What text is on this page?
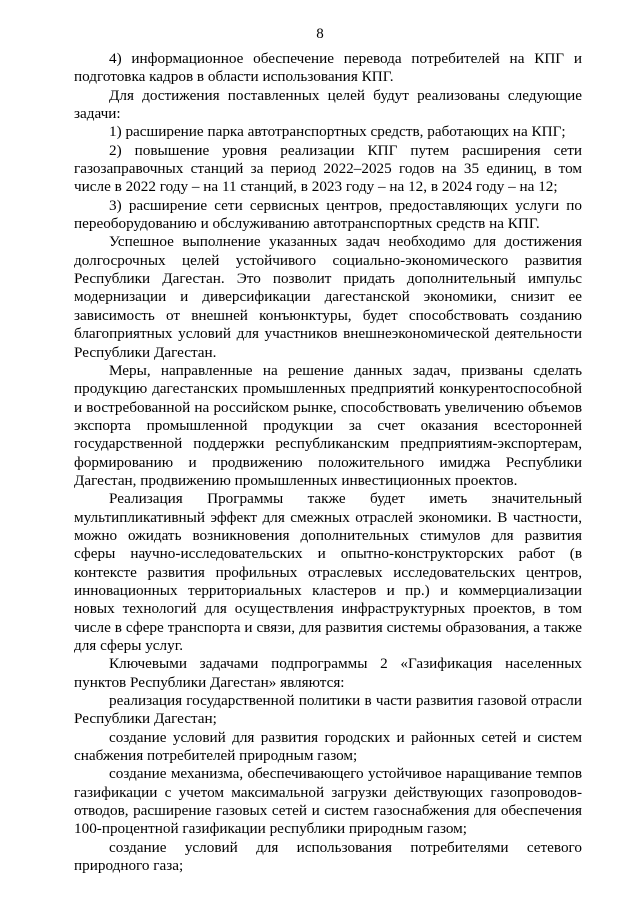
8

4) информационное обеспечение перевода потребителей на КПГ и подготовка кадров в области использования КПГ.

Для достижения поставленных целей будут реализованы следующие задачи:

1) расширение парка автотранспортных средств, работающих на КПГ;

2) повышение уровня реализации КПГ путем расширения сети газозаправочных станций за период 2022–2025 годов на 35 единиц, в том числе в 2022 году – на 11 станций, в 2023 году – на 12, в 2024 году – на 12;

3) расширение сети сервисных центров, предоставляющих услуги по переоборудованию и обслуживанию автотранспортных средств на КПГ.

Успешное выполнение указанных задач необходимо для достижения долгосрочных целей устойчивого социально-экономического развития Республики Дагестан. Это позволит придать дополнительный импульс модернизации и диверсификации дагестанской экономики, снизит ее зависимость от внешней конъюнктуры, будет способствовать созданию благоприятных условий для участников внешнеэкономической деятельности Республики Дагестан.

Меры, направленные на решение данных задач, призваны сделать продукцию дагестанских промышленных предприятий конкурентоспособной и востребованной на российском рынке, способствовать увеличению объемов экспорта промышленной продукции за счет оказания всесторонней государственной поддержки республиканским предприятиям-экспортерам, формированию и продвижению положительного имиджа Республики Дагестан, продвижению промышленных инвестиционных проектов.

Реализация Программы также будет иметь значительный мультипликативный эффект для смежных отраслей экономики. В частности, можно ожидать возникновения дополнительных стимулов для развития сферы научно-исследовательских и опытно-конструкторских работ (в контексте развития профильных отраслевых исследовательских центров, инновационных территориальных кластеров и пр.) и коммерциализации новых технологий для осуществления инфраструктурных проектов, в том числе в сфере транспорта и связи, для развития системы образования, а также для сферы услуг.

Ключевыми задачами подпрограммы 2 «Газификация населенных пунктов Республики Дагестан» являются:

реализация государственной политики в части развития газовой отрасли Республики Дагестан;

создание условий для развития городских и районных сетей и систем снабжения потребителей природным газом;

создание механизма, обеспечивающего устойчивое наращивание темпов газификации с учетом максимальной загрузки действующих газопроводов-отводов, расширение газовых сетей и систем газоснабжения для обеспечения 100-процентной газификации республики природным газом;

создание условий для использования потребителями сетевого природного газа;
